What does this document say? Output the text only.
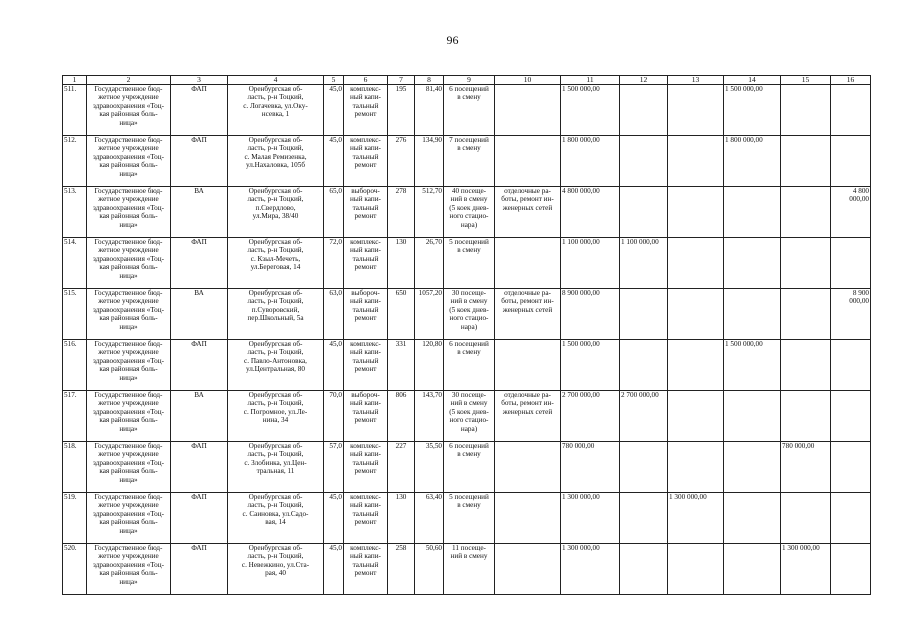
96
1	2	3	4	5	6	7	8	9	10	11	12	13	14	15	16
511.	Государственное бюд-
жетное учреждение
здравоохранения «Тоц-
кая районная боль-
ница»	ФАП	Оренбургская об-
ласть, р-н Тоцкий,
с. Логачевка, ул.Оку-
нсевка, 1	45,0	комплекс-
ный капи-
тальный
ремонт	195	81,40	6 посещений
в смену		1 500 000,00			1 500 000,00		
512.	Государственное бюд-
жетное учреждение
здравоохранения «Тоц-
кая районная боль-
ница»	ФАП	Оренбургская об-
ласть, р-н Тоцкий,
с. Малая Ремизенка,
ул.Нахаловка, 105б	45,0	комплекс-
ный капи-
тальный
ремонт	276	134,90	7 посещений
в смену		1 800 000,00			1 800 000,00		
513.	Государственное бюд-
жетное учреждение
здравоохранения «Тоц-
кая районная боль-
ница»	ВА	Оренбургская об-
ласть, р-н Тоцкий,
п.Свердлово,
ул.Мира, 38/40	65,0	выбороч-
ный капи-
тальный
ремонт	278	512,70	40 посеще-
ний в смену
(5 коек днев-
ного стацио-
нара)	отделочные ра-
боты, ремонт ин-
женерных сетей	4 800 000,00					4 800 000,00
514.	Государственное бюд-
жетное учреждение
здравоохранения «Тоц-
кая районная боль-
ница»	ФАП	Оренбургская об-
ласть, р-н Тоцкий,
с. Кзыл-Мечеть,
ул.Береговая, 14	72,0	комплекс-
ный капи-
тальный
ремонт	130	26,70	5 посещений
в смену		1 100 000,00	1 100 000,00				
515.	Государственное бюд-
жетное учреждение
здравоохранения «Тоц-
кая районная боль-
ница»	ВА	Оренбургская об-
ласть, р-н Тоцкий,
п.Суворовский,
пер.Школьный, 5а	63,0	выбороч-
ный капи-
тальный
ремонт	650	1057,20	30 посеще-
ний в смену
(5 коек днев-
ного стацио-
нара)	отделочные ра-
боты, ремонт ин-
женерных сетей	8 900 000,00					8 900 000,00
516.	Государственное бюд-
жетное учреждение
здравоохранения «Тоц-
кая районная боль-
ница»	ФАП	Оренбургская об-
ласть, р-н Тоцкий,
с. Павло-Антоновка,
ул.Центральная, 80	45,0	комплекс-
ный капи-
тальный
ремонт	331	120,80	6 посещений
в смену		1 500 000,00			1 500 000,00		
517.	Государственное бюд-
жетное учреждение
здравоохранения «Тоц-
кая районная боль-
ница»	ВА	Оренбургская об-
ласть, р-н Тоцкий,
с. Погромное, ул.Ле-
нина, 34	70,0	выбороч-
ный капи-
тальный
ремонт	806	143,70	30 посеще-
ний в смену
(5 коек днев-
ного стацио-
нара)	отделочные ра-
боты, ремонт ин-
женерных сетей	2 700 000,00	2 700 000,00				
518.	Государственное бюд-
жетное учреждение
здравоохранения «Тоц-
кая районная боль-
ница»	ФАП	Оренбургская об-
ласть, р-н Тоцкий,
с. Злобинка, ул.Цен-
тральная, 11	57,0	комплекс-
ный капи-
тальный
ремонт	227	35,50	6 посещений
в смену		780 000,00				780 000,00	
519.	Государственное бюд-
жетное учреждение
здравоохранения «Тоц-
кая районная боль-
ница»	ФАП	Оренбургская об-
ласть, р-н Тоцкий,
с. Саиновка, ул.Садо-
вая, 14	45,0	комплекс-
ный капи-
тальный
ремонт	130	63,40	5 посещений
в смену		1 300 000,00		1 300 000,00			
520.	Государственное бюд-
жетное учреждение
здравоохранения «Тоц-
кая районная боль-
ница»	ФАП	Оренбургская об-
ласть, р-н Тоцкий,
с. Невежкино, ул.Ста-
рая, 40	45,0	комплекс-
ный капи-
тальный
ремонт	258	50,60	11 посеще-
ний в смену		1 300 000,00				1 300 000,00	
